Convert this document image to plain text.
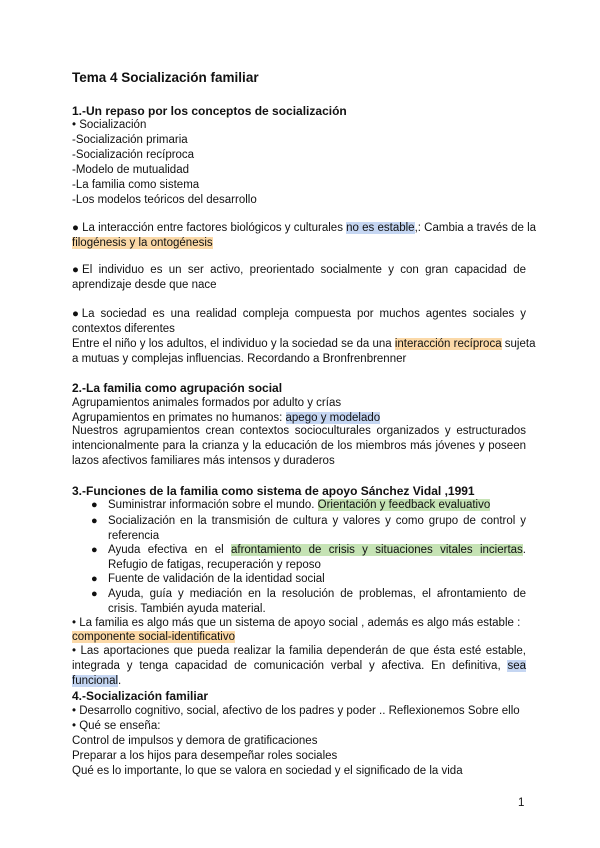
Tema 4 Socialización familiar
1.-Un repaso por los conceptos de socialización
• Socialización
-Socialización primaria
-Socialización recíproca
-Modelo de mutualidad
-La familia como sistema
-Los modelos teóricos del desarrollo
● La interacción entre factores biológicos y culturales no es estable,: Cambia a través de la
filogénesis y la ontogénesis
●El individuo es un ser activo, preorientado socialmente y con gran capacidad de aprendizaje desde que nace
●La sociedad es una realidad compleja compuesta por muchos agentes sociales y contextos diferentes
Entre el niño y los adultos, el individuo y la sociedad se da una interacción recíproca sujeta
a mutuas y complejas influencias. Recordando a Bronfrenbrenner
2.-La familia como agrupación social
Agrupamientos animales formados por adulto y crías
Agrupamientos en primates no humanos: apego y modelado
Nuestros agrupamientos crean contextos socioculturales organizados y estructurados intencionalmente para la crianza y la educación de los miembros más jóvenes y poseen lazos afectivos familiares más intensos y duraderos
3.-Funciones de la familia como sistema de apoyo Sánchez Vidal ,1991
● Suministrar información sobre el mundo. Orientación y feedback evaluativo
● Socialización en la transmisión de cultura y valores y como grupo de control y referencia
● Ayuda efectiva en el afrontamiento de crisis y situaciones vitales inciertas. Refugio de fatigas, recuperación y reposo
● Fuente de validación de la identidad social
● Ayuda, guía y mediación en la resolución de problemas, el afrontamiento de crisis. También ayuda material.
• La familia es algo más que un sistema de apoyo social , además es algo más estable :
componente social-identificativo
• Las aportaciones que pueda realizar la familia dependerán de que ésta esté estable, integrada y tenga capacidad de comunicación verbal y afectiva. En definitiva, sea funcional.
4.-Socialización familiar
• Desarrollo cognitivo, social, afectivo de los padres y poder .. Reflexionemos Sobre ello
• Qué se enseña:
Control de impulsos y demora de gratificaciones
Preparar a los hijos para desempeñar roles sociales
Qué es lo importante, lo que se valora en sociedad y el significado de la vida
1
